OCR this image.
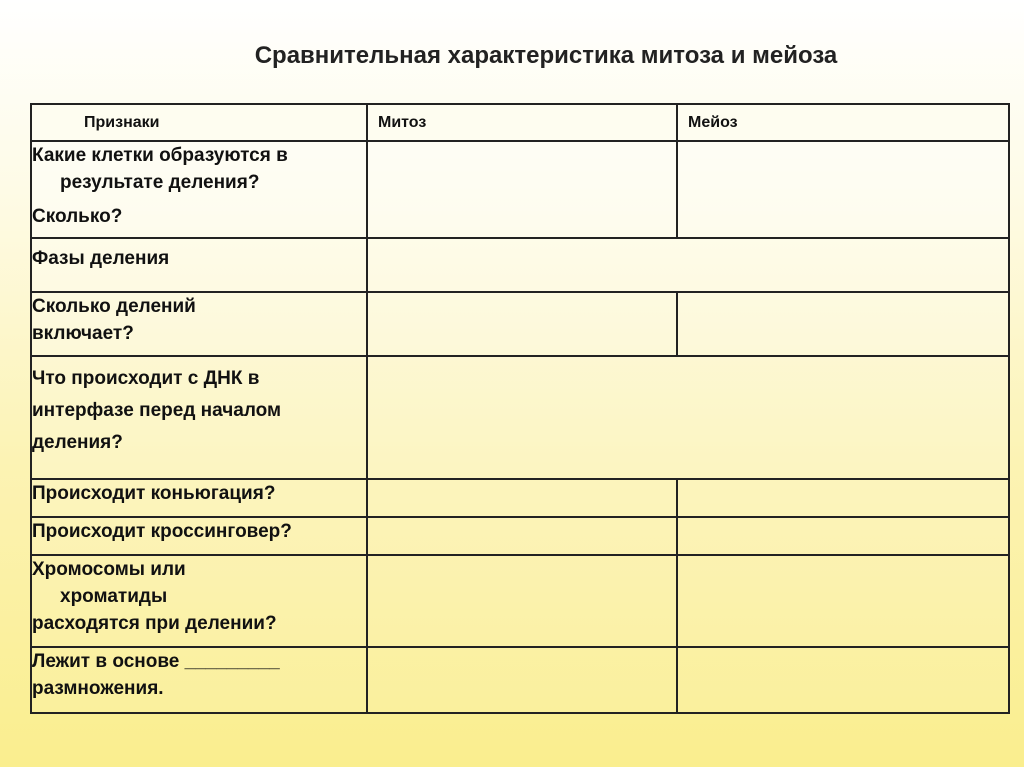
Сравнительная характеристика митоза и мейоза
Признаки	Митоз	Мейоз

Какие клетки образуются в
результате деления?
Сколько?		

Фазы деления		

Сколько делений
включает?		

Что происходит с ДНК в
интерфазе перед началом
деления?		

Происходит коньюгация?		

Происходит кроссинговер?		

Хромосомы или
хроматиды
расходятся при делении?		

Лежит в основе _________
размножения.		
